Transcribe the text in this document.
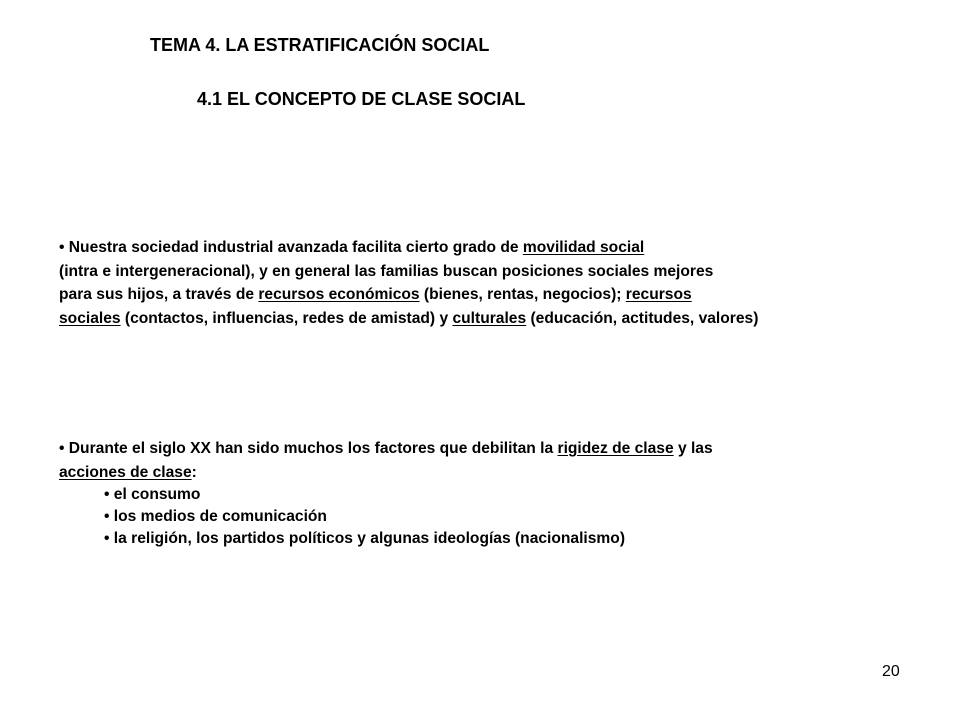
TEMA 4. LA ESTRATIFICACIÓN SOCIAL
4.1 EL CONCEPTO DE CLASE SOCIAL

• Nuestra sociedad industrial avanzada facilita cierto grado de movilidad social
(intra e intergeneracional), y en general las familias buscan posiciones sociales mejores
para sus hijos, a través de recursos económicos (bienes, rentas, negocios); recursos
sociales (contactos, influencias, redes de amistad) y culturales (educación, actitudes, valores)

• Durante el siglo XX han sido muchos los factores que debilitan la rigidez de clase y las
acciones de clase:
• el consumo
• los medios de comunicación
• la religión, los partidos políticos y algunas ideologías (nacionalismo)

20
